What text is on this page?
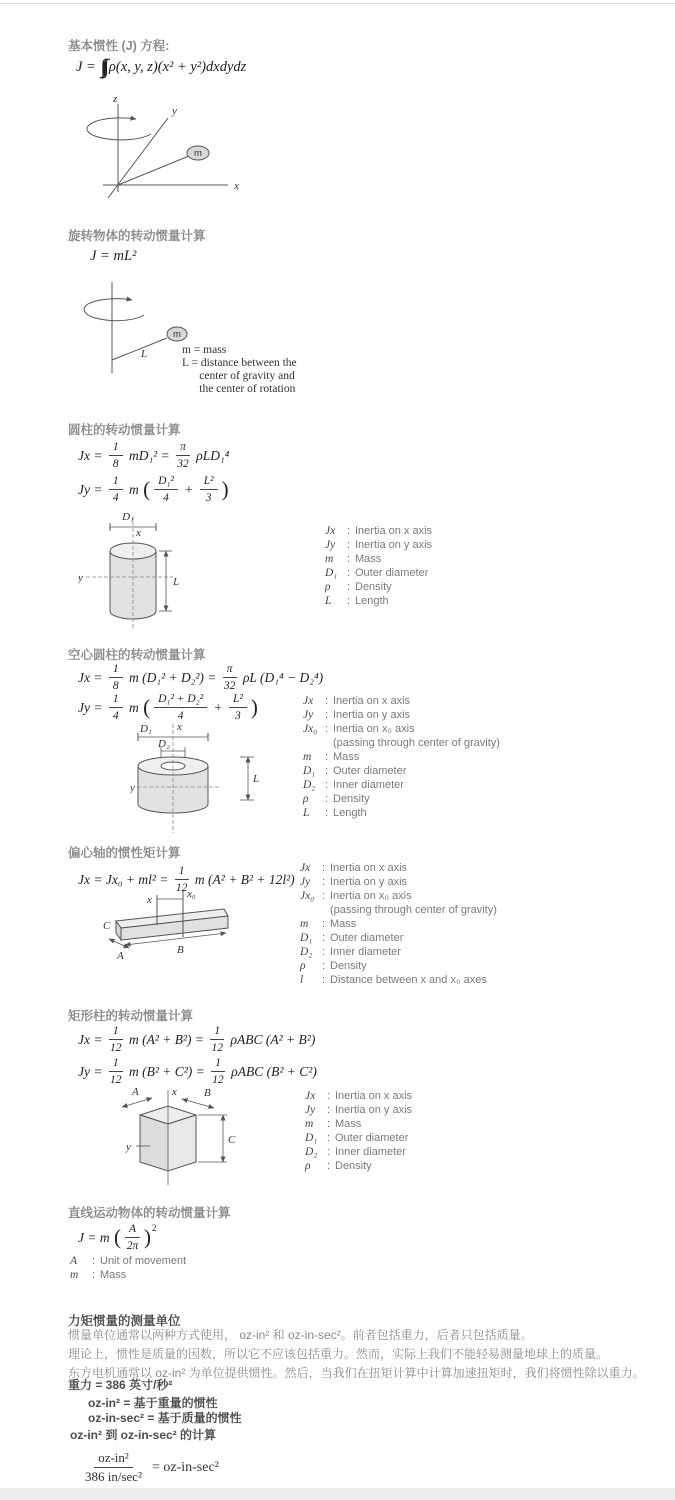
基本惯性 (J) 方程:
J = ∫∫∫ ρ(x, y, z)(x² + y²)dxdydz
z
y
x
m
旋转物体的转动惯量计算
J = mL²
m
L	m = mass
L = distance between the
center of gravity and
the center of rotation
圆柱的转动惯量计算
$Jx = \frac{1}{8} mD_1^2 = \frac{\pi}{32} \rho LD_1^4$
$Jy = \frac{1}{4}$ m ( $\frac{\text{D₁²}}{4} + \frac{\text{L²}}{3}$ )
D₁
x
y	L
Jx : Inertia on x axis
Jy : Inertia on y axis
m : Mass
D₁ : Outer diameter
ρ : Density
L : Length
空心圆柱的转动惯量计算
$Jx = \frac{1}{8}$ m $(D_1^2 + D_2^2) = \frac{\pi}{32}$ ρL (D₁⁴ − D₂⁴)
$Jy = \frac{1}{4}$ m ( $\frac{\text{D₁² + D₂²}}{4} + \frac{\text{L²}}{3}$ )
D₁
D₂
x
y
L
Jx : Inertia on x axis
Jy : Inertia on y axis
Jx₀ : Inertia on x₀ axis
(passing through center of gravity)
m : Mass
D₁ : Outer diameter
D₂ : Inner diameter
ρ : Density
L : Length
偏心轴的惯性矩计算
$Jx = Jx_0 + ml^2 = \frac{1}{12}$ m (A² + B² + 12l²)
x	x₀
C
A	B
Jx : Inertia on x axis
Jy : Inertia on y axis
Jx₀ : Inertia on x₀ axis
(passing through center of gravity)
m : Mass
D₁ : Outer diameter
D₂ : Inner diameter
ρ : Density
l : Distance between x and x₀ axes
矩形柱的转动惯量计算
$Jx = \frac{1}{12}$ m $(A^2 + B^2) = \frac{1}{12}$ ρABC (A² + B²)
$Jy = \frac{1}{12}$ m $(B^2 + C^2) = \frac{1}{12}$ ρABC (B² + C²)
A	x B
y
C
Jx : Inertia on x axis
Jy : Inertia on y axis
m : Mass
D₁ : Outer diameter
D₂ : Inner diameter
ρ : Density
直线运动物体的转动惯量计算
J = m ( $\frac{A}{2\pi} )^2$
A : Unit of movement
m : Mass
力矩惯量的测量单位
惯量单位通常以两种方式使用， oz-in² 和 oz-in-sec²。前者包括重力，后者只包括质量。
理论上，惯性是质量的因数，所以它不应该包括重力。然而，实际上我们不能轻易测量地球上的质量。
东方电机通常以 oz-in² 为单位提供惯性。然后，当我们在扭矩计算中计算加速扭矩时，我们将惯性除以重力。
重力 = 386 英寸/秒²
oz-in² = 基于重量的惯性
oz-in-sec² = 基于质量的惯性
oz-in² 到 oz-in-sec² 的计算
$\frac{\text{oz-in²}}{\text{386 in/sec²}} = oz-in-\sec^2$
